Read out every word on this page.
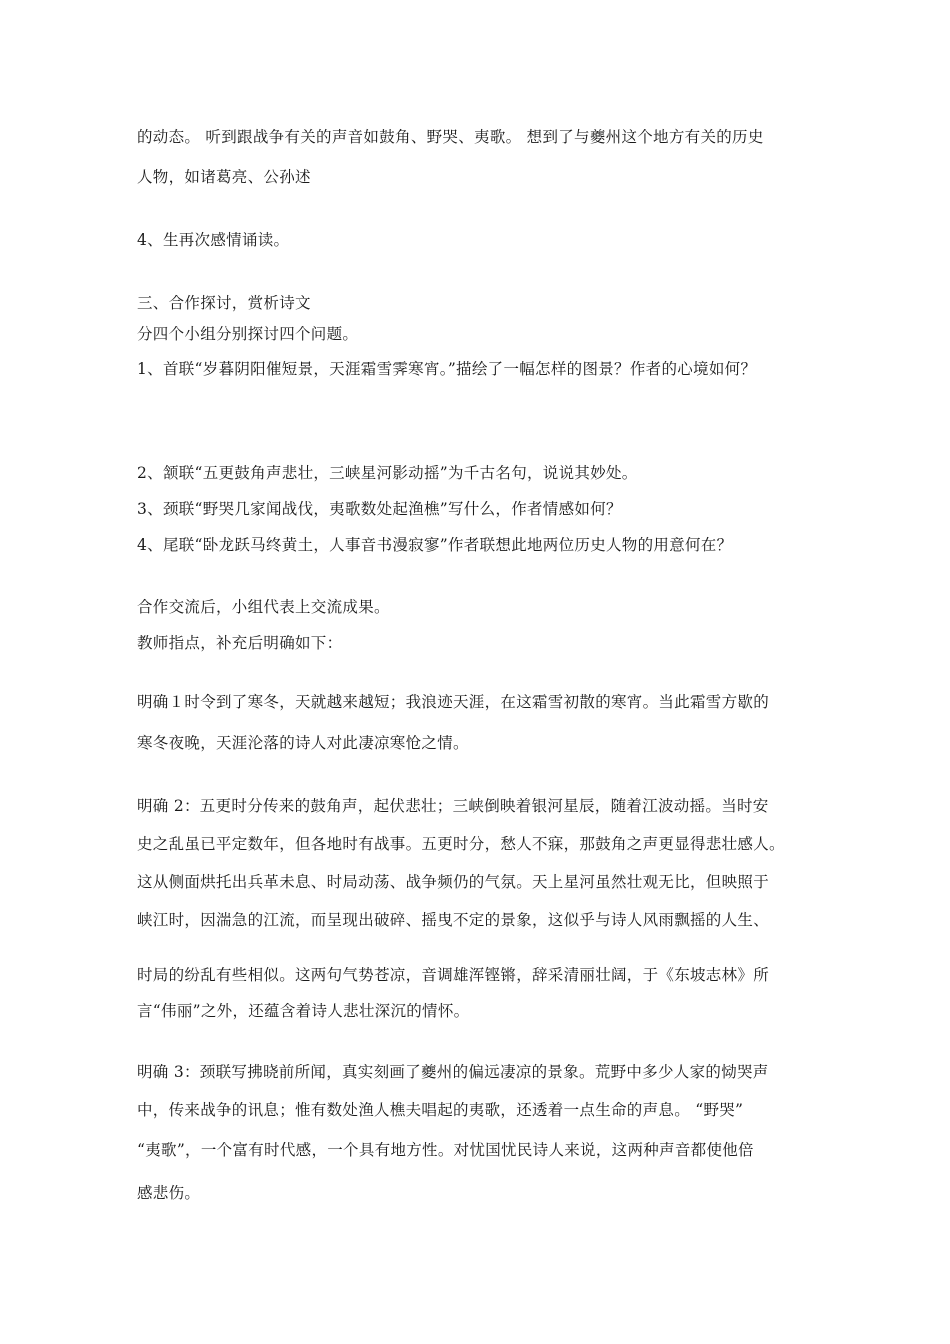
的动态。 听到跟战争有关的声音如鼓角、野哭、夷歌。 想到了与夔州这个地方有关的历史

人物，如诸葛亮、公孙述

4、生再次感情诵读。

三、合作探讨，赏析诗文

分四个小组分别探讨四个问题。

1、首联“岁暮阴阳催短景，天涯霜雪霁寒宵。”描绘了一幅怎样的图景？作者的心境如何？

2、颔联“五更鼓角声悲壮，三峡星河影动摇”为千古名句，说说其妙处。

3、颈联“野哭几家闻战伐，夷歌数处起渔樵”写什么，作者情感如何？

4、尾联“卧龙跃马终黄土，人事音书漫寂寥”作者联想此地两位历史人物的用意何在？

合作交流后，小组代表上交流成果。

教师指点，补充后明确如下：

明确１时令到了寒冬，天就越来越短；我浪迹天涯，在这霜雪初散的寒宵。当此霜雪方歇的

寒冬夜晚，天涯沦落的诗人对此凄凉寒怆之情。

明确 2：五更时分传来的鼓角声，起伏悲壮；三峡倒映着银河星辰，随着江波动摇。当时安

史之乱虽已平定数年，但各地时有战事。五更时分，愁人不寐，那鼓角之声更显得悲壮感人。

这从侧面烘托出兵革未息、时局动荡、战争频仍的气氛。天上星河虽然壮观无比，但映照于

峡江时，因湍急的江流，而呈现出破碎、摇曳不定的景象，这似乎与诗人风雨飘摇的人生、

时局的纷乱有些相似。这两句气势苍凉，音调雄浑铿锵，辞采清丽壮阔，于《东坡志林》所

言“伟丽”之外，还蕴含着诗人悲壮深沉的情怀。

明确 3：颈联写拂晓前所闻，真实刻画了夔州的偏远凄凉的景象。荒野中多少人家的恸哭声

中，传来战争的讯息；惟有数处渔人樵夫唱起的夷歌，还透着一点生命的声息。 “野哭”

“夷歌”，一个富有时代感，一个具有地方性。对忧国忧民诗人来说，这两种声音都使他倍

感悲伤。
